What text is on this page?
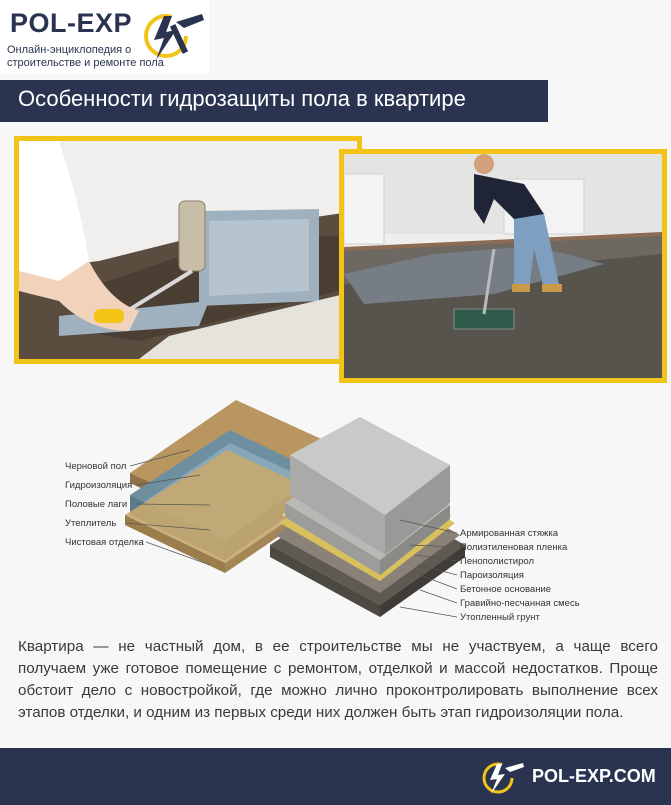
POL-EXP
Онлайн-энциклопедия о
строительстве и ремонте пола
Особенности гидрозащиты пола в квартире
Черновой пол
Гидроизоляция
Половые лаги
Утеплитель
Чистовая отделка
Армированная стяжка
Полиэтиленовая пленка
Пенополистирол
Пароизоляция
Бетонное основание
Гравийно-песчанная смесь
Утопленный грунт
Квартира — не частный дом, в ее строительстве мы не участвуем, а чаще всего получаем уже готовое помещение с ремонтом, отделкой и массой недостатков. Проще обстоит дело с новостройкой, где можно лично проконтролировать выполнение всех этапов отделки, и одним из первых среди них должен быть этап гидроизоляции пола.
POL-EXP.COM
